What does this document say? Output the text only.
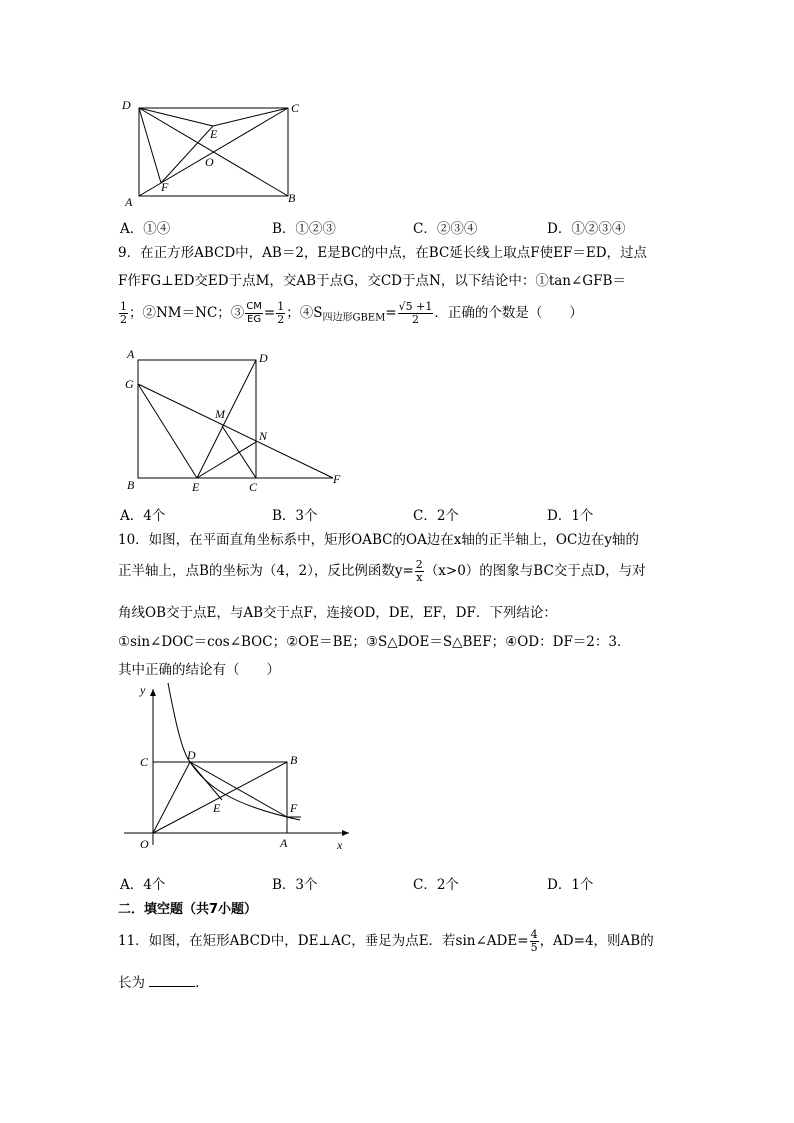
D	C
E
O
A
F
B
A．①④	B．①②③	C．②③④	D．①②③④
9．在正方形ABCD中，AB＝2，E是BC的中点，在BC延长线上取点F使EF＝ED，过点
F作FG⊥ED交ED于点M，交AB于点G，交CD于点N，以下结论中：①tan∠GFB＝
$\frac{1}{2}$ ；②NM＝NC；③ $\frac{CM}{EG} = \frac{1}{2}$ ；$④S_{四边形GBEM}= \frac{√5 +1}{2}$ ．正确的个数是（　　）
A	D
G
M
N
B	E	C
F
A．4个	B．3个	C．2个	D．1个
10．如图，在平面直角坐标系中，矩形OABC的OA边在x轴的正半轴上，OC边在y轴的
正半轴上，点B的坐标为（4，2），反比例函数$y= \frac{2}{x} (x>0)$的图象与BC交于点D，与对
角线OB交于点E，与AB交于点F，连接OD，DE，EF，DF．下列结论：
①sin∠DOC＝cos∠BOC；②OE＝BE；③S△DOE＝S△BEF；④OD：DF＝2：3．
其中正确的结论有（　　）
y
C	D	B
E	F
O	A	x
A．4个	B．3个	C．2个	D．1个
二．填空题（共7小题）
11．如图，在矩形ABCD中，DE⊥AC，垂足为点E．若sin∠ADE= $\frac{4}{5}$ ，AD=4，则AB的
长为	．
